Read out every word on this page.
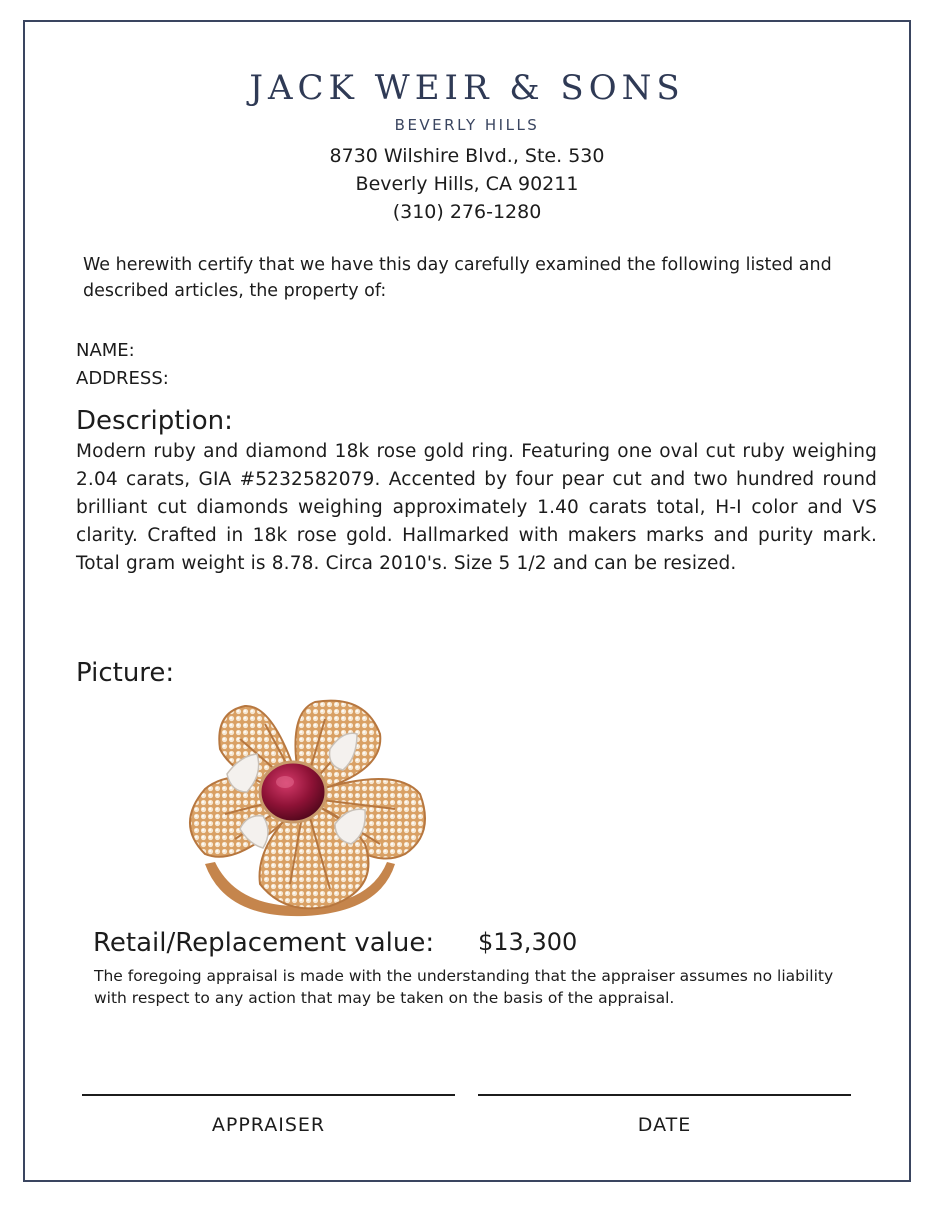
JACK WEIR & SONS
BEVERLY HILLS
8730 Wilshire Blvd., Ste. 530
Beverly Hills, CA 90211
(310) 276-1280
We herewith certify that we have this day carefully examined the following listed and described articles, the property of:
NAME:
ADDRESS:
Description:
Modern ruby and diamond 18k rose gold ring. Featuring one oval cut ruby weighing 2.04 carats, GIA #5232582079. Accented by four pear cut and two hundred round brilliant cut diamonds weighing approximately 1.40 carats total, H-I color and VS clarity. Crafted in 18k rose gold. Hallmarked with makers marks and purity mark. Total gram weight is 8.78. Circa 2010's. Size 5 1/2 and can be resized.
Picture:
Retail/Replacement value: $13,300
The foregoing appraisal is made with the understanding that the appraiser assumes no liability with respect to any action that may be taken on the basis of the appraisal.
APPRAISER	DATE
